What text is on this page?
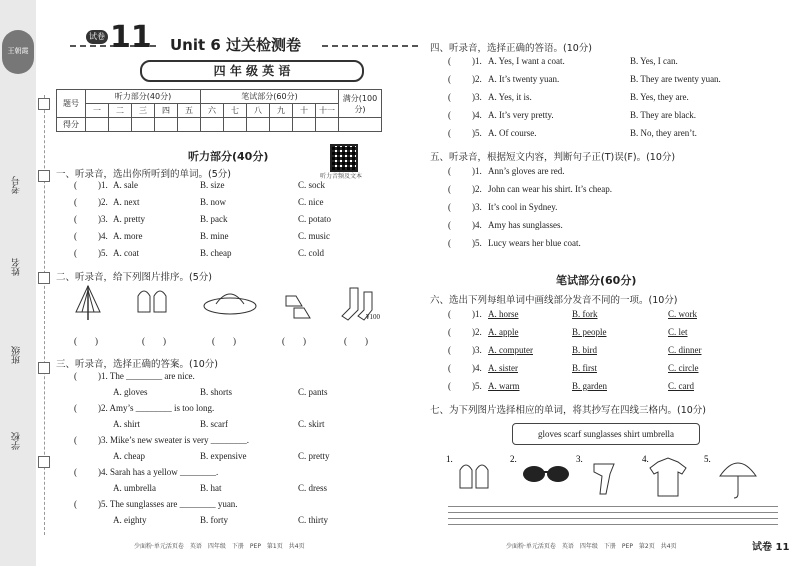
王朝霞
考号
姓名
班级
学校
试卷 11 Unit 6 过关检测卷
四 年 级 英 语
题号	听力部分(40分)					笔试部分(60分)						满分(100分)
	一	二	三	四	五	六	七	八	九	十	十一	
得分												
听力部分(40分)
听力音频及文本
一、听录音，选出你所听到的单词。(5分)
( )1. A. sale	B. size	C. sock
( )2. A. next	B. now	C. nice
( )3. A. pretty	B. pack	C. potato
( )4. A. more	B. mine	C. music
( )5. A. coat	B. cheap	C. cold
二、听录音，给下列图片排序。(5分)
¥100
(　　)	(　　)	(　　)	(　　)	(　　)
三、听录音，选择正确的答案。(10分)
( )1. The ________ are nice.
A. gloves	B. shorts	C. pants
( )2. Amy’s ________ is too long.
A. shirt	B. scarf	C. skirt
( )3. Mike’s new sweater is very ________.
A. cheap	B. expensive	C. pretty
( )4. Sarah has a yellow ________.
A. umbrella	B. hat	C. dress
( )5. The sunglasses are ________ yuan.
A. eighty	B. forty	C. thirty
四、听录音，选择正确的答语。(10分)
( )1. A. Yes, I want a coat.	B. Yes, I can.
( )2. A. It’s twenty yuan.	B. They are twenty yuan.
( )3. A. Yes, it is.	B. Yes, they are.
( )4. A. It’s very pretty.	B. They are black.
( )5. A. Of course.	B. No, they aren’t.
五、听录音，根据短文内容，判断句子正(T)误(F)。(10分)
( )1. Ann’s gloves are red.
( )2. John can wear his shirt. It’s cheap.
( )3. It’s cool in Sydney.
( )4. Amy has sunglasses.
( )5. Lucy wears her blue coat.
笔试部分(60分)
六、选出下列每组单词中画线部分发音不同的一项。(10分)
( )1. A. horse	B. fork	C. work
( )2. A. apple	B. people	C. let
( )3. A. computer	B. bird	C. dinner
( )4. A. sister	B. first	C. circle
( )5. A. warm	B. garden	C. card
七、为下列图片选择相应的单词，将其抄写在四线三格内。(10分)
gloves scarf sunglasses shirt umbrella
1.	2.	3.	4.	5.
少面粉·单元活页卷　英语　四年级　下册　PEP　第1页　共4页	少面粉·单元活页卷　英语　四年级　下册　PEP　第2页　共4页	试卷 11
